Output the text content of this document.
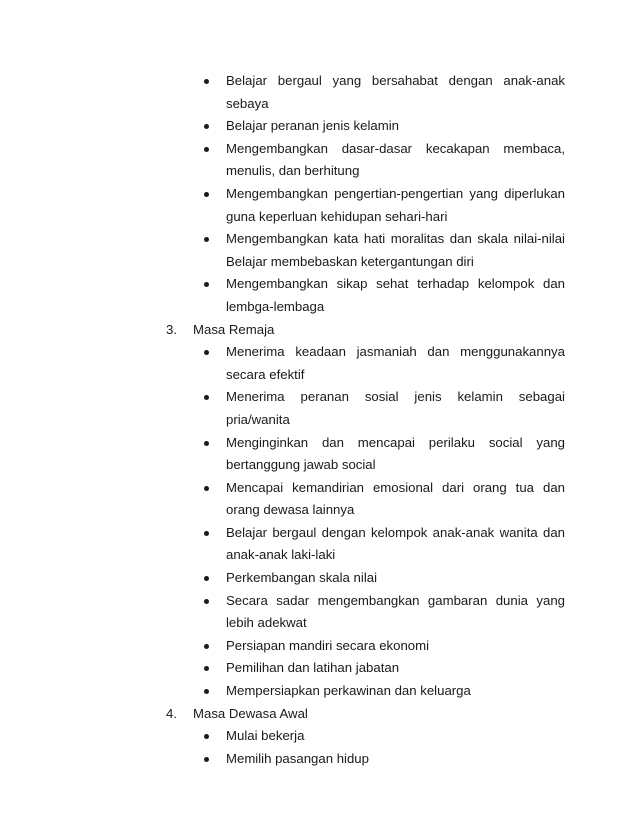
Belajar bergaul yang bersahabat dengan anak-anak sebaya
Belajar peranan jenis kelamin
Mengembangkan dasar-dasar kecakapan membaca, menulis, dan berhitung
Mengembangkan pengertian-pengertian yang diperlukan guna keperluan kehidupan sehari-hari
Mengembangkan kata hati moralitas dan skala nilai-nilai  Belajar membebaskan ketergantungan diri
Mengembangkan sikap sehat terhadap kelompok dan lembga-lembaga

3. Masa Remaja

Menerima keadaan jasmaniah dan menggunakannya secara efektif
Menerima peranan sosial jenis kelamin sebagai pria/wanita
Menginginkan dan mencapai perilaku social yang bertanggung jawab social
Mencapai kemandirian emosional dari orang tua dan orang dewasa lainnya
Belajar bergaul dengan kelompok anak-anak wanita dan anak-anak laki-laki
Perkembangan skala nilai
Secara sadar mengembangkan gambaran dunia yang lebih adekwat
Persiapan mandiri secara ekonomi
Pemilihan dan latihan jabatan
Mempersiapkan perkawinan dan keluarga

4. Masa Dewasa Awal

Mulai bekerja
Memilih pasangan hidup
